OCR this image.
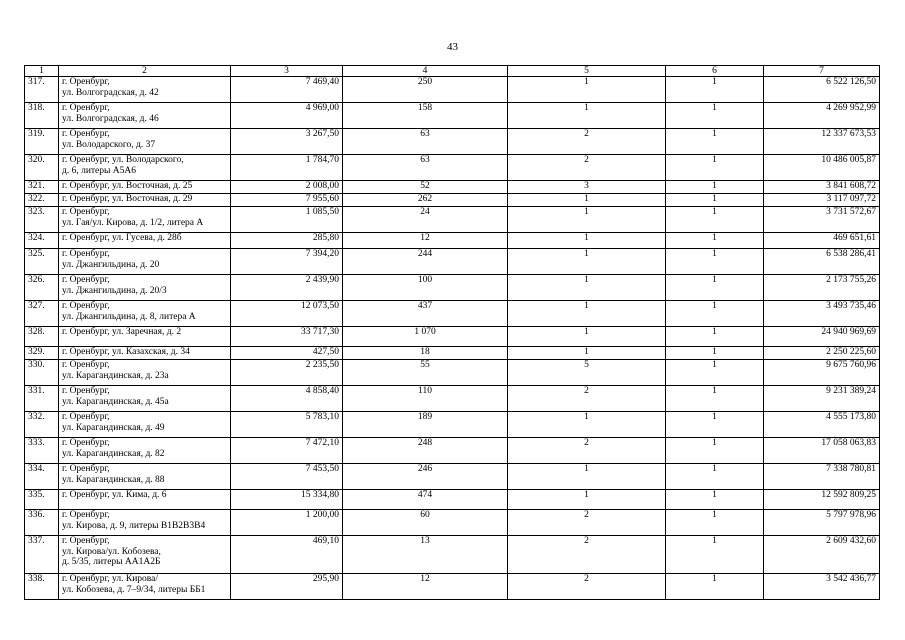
43
1	2	3	4	5	6	7
317.	г. Оренбург,
ул. Волгоградская, д. 42	7 469,40	250	1	1	6 522 126,50
318.	г. Оренбург,
ул. Волгоградская, д. 46	4 969,00	158	1	1	4 269 952,99
319.	г. Оренбург,
ул. Володарского, д. 37	3 267,50	63	2	1	12 337 673,53
320.	г. Оренбург, ул. Володарского,
д. 6, литеры А5А6	1 784,70	63	2	1	10 486 005,87
321.	г. Оренбург, ул. Восточная, д. 25	2 008,00	52	3	1	3 841 608,72
322.	г. Оренбург, ул. Восточная, д. 29	7 955,60	262	1	1	3 117 097,72
323.	г. Оренбург,
ул. Гая/ул. Кирова, д. 1/2, литера А	1 085,50	24	1	1	3 731 572,67
324.	г. Оренбург, ул. Гусева, д. 28б	285,80	12	1	1	469 651,61
325.	г. Оренбург,
ул. Джангильдина, д. 20	7 394,20	244	1	1	6 538 286,41
326.	г. Оренбург,
ул. Джангильдина, д. 20/3	2 439,90	100	1	1	2 173 755,26
327.	г. Оренбург,
ул. Джангильдина, д. 8, литера А	12 073,50	437	1	1	3 493 735,46
328.	г. Оренбург, ул. Заречная, д. 2	33 717,30	1 070	1	1	24 940 969,69
329.	г. Оренбург, ул. Казахская, д. 34	427,50	18	1	1	2 250 225,60
330.	г. Оренбург,
ул. Карагандинская, д. 23а	2 235,50	55	5	1	9 675 760,96
331.	г. Оренбург,
ул. Карагандинская, д. 45а	4 858,40	110	2	1	9 231 389,24
332.	г. Оренбург,
ул. Карагандинская, д. 49	5 783,10	189	1	1	4 555 173,80
333.	г. Оренбург,
ул. Карагандинская, д. 82	7 472,10	248	2	1	17 058 063,83
334.	г. Оренбург,
ул. Карагандинская, д. 88	7 453,50	246	1	1	7 338 780,81
335.	г. Оренбург, ул. Кима, д. 6	15 334,80	474	1	1	12 592 809,25
336.	г. Оренбург,
ул. Кирова, д. 9, литеры В1В2В3В4	1 200,00	60	2	1	5 797 978,96
337.	г. Оренбург,
ул. Кирова/ул. Кобозева,
д. 5/35, литеры АА1А2Б	469,10	13	2	1	2 609 432,60
338.	г. Оренбург, ул. Кирова/
ул. Кобозева, д. 7–9/34, литеры ББ1	295,90	12	2	1	3 542 436,77
